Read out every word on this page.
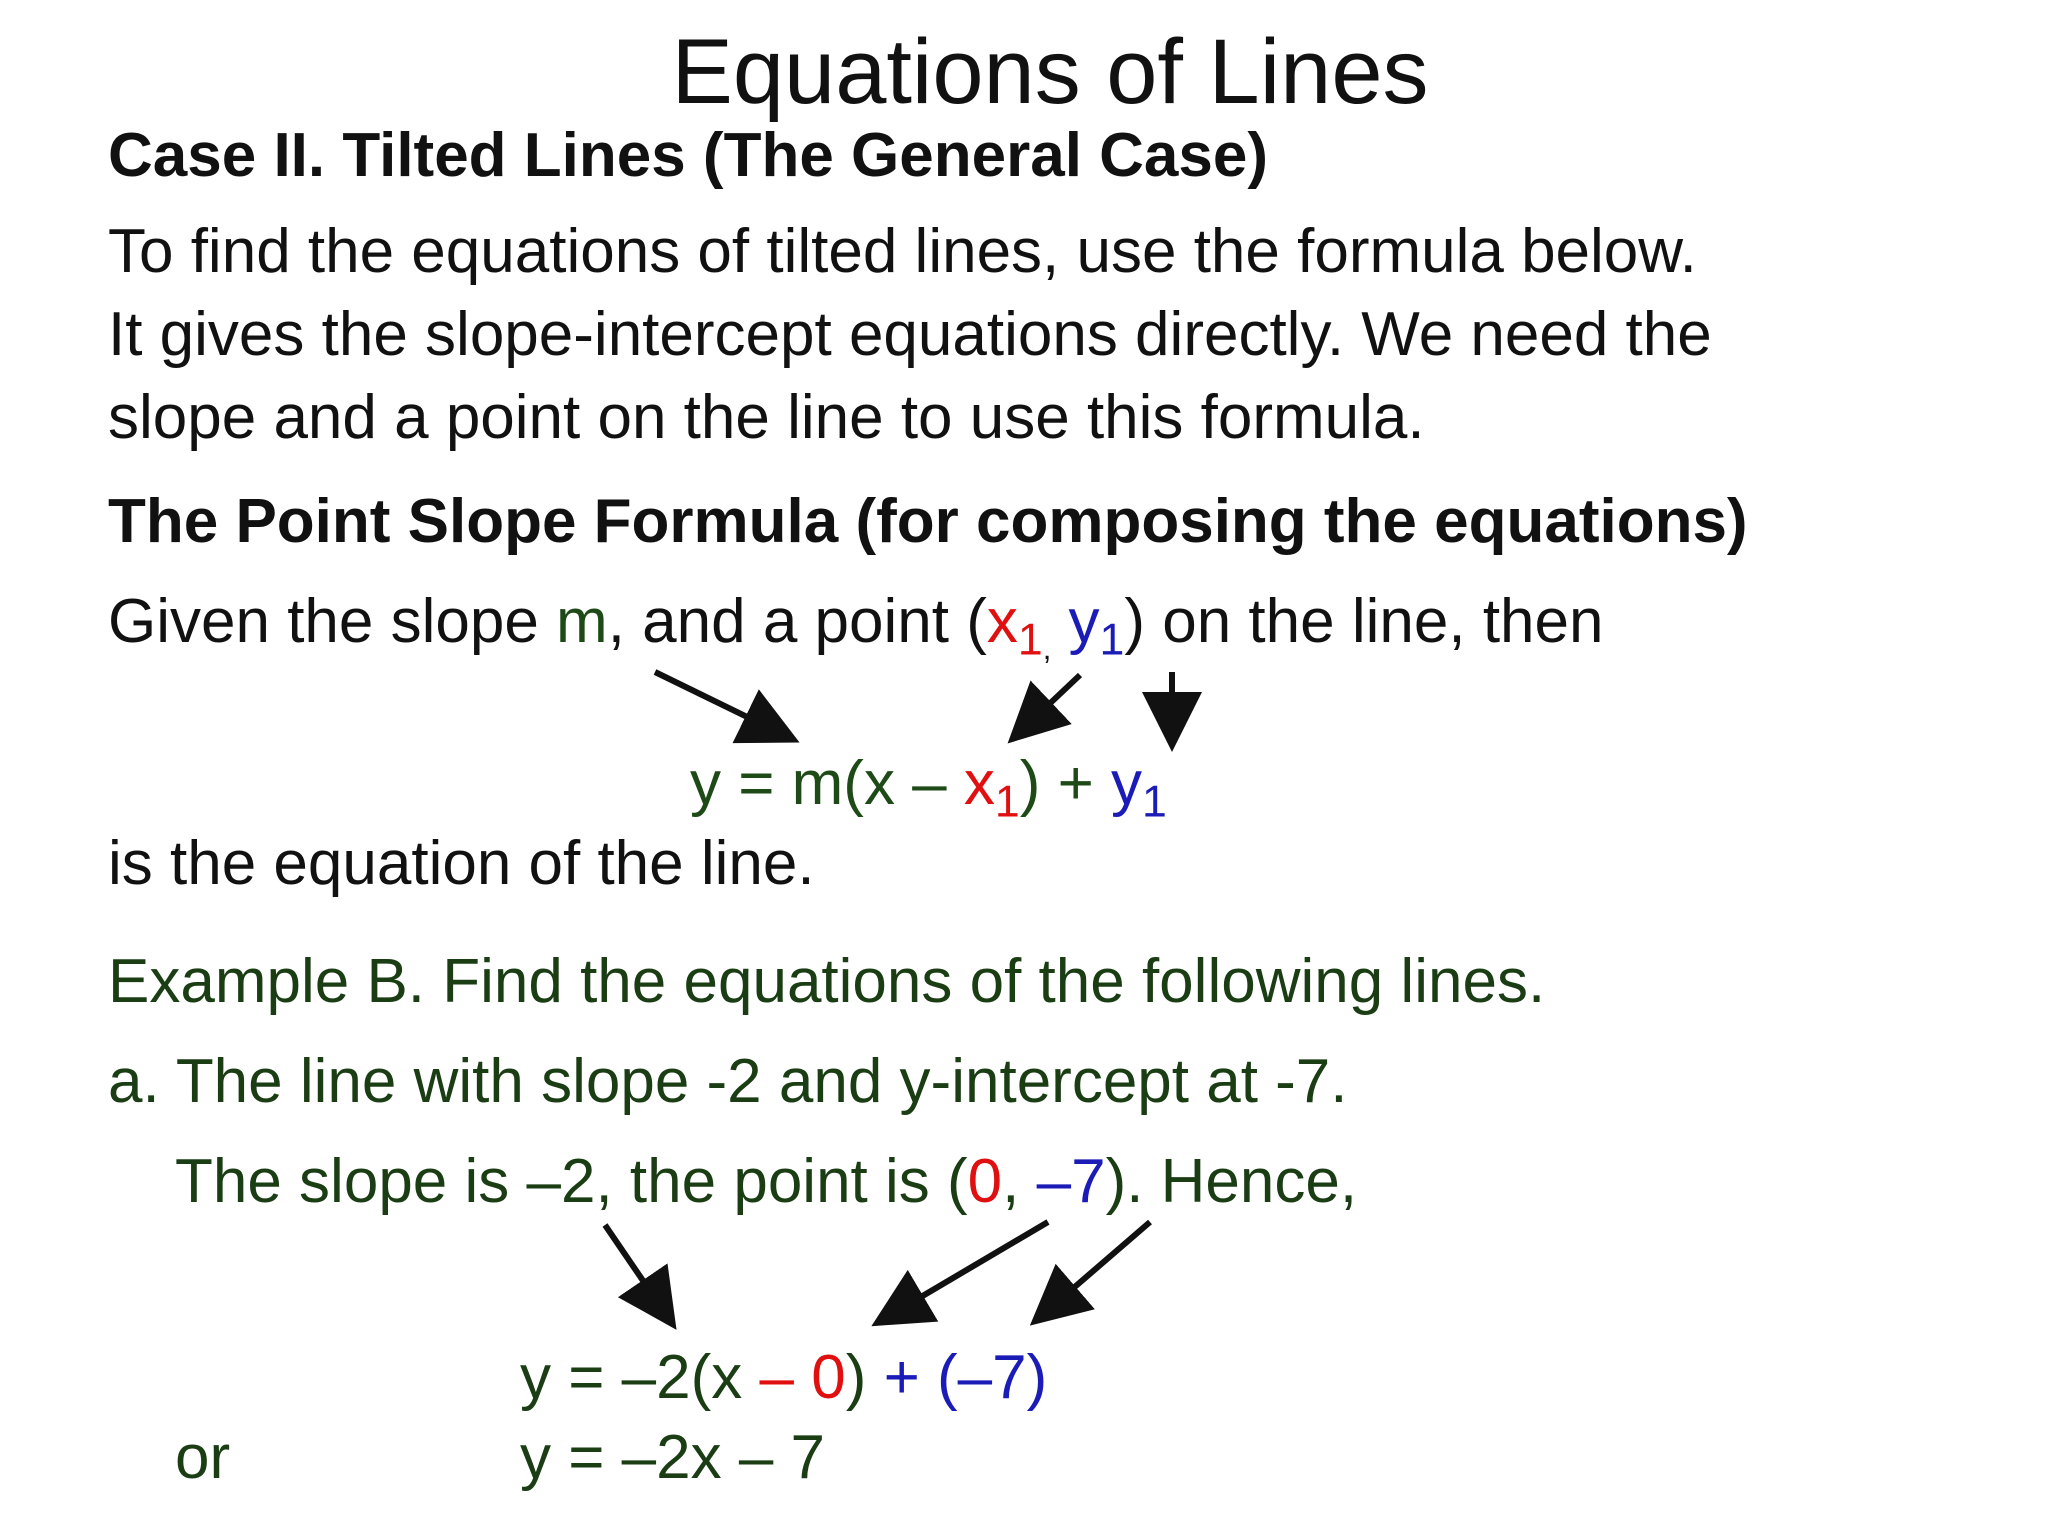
Equations of Lines
Case II. Tilted Lines (The General Case)
To find the equations of tilted lines, use the formula below.
It gives the slope-intercept equations directly. We need the
slope and a point on the line to use this formula.
The Point Slope Formula (for composing the equations)
Given the slope m, and a point ($x_{1,}$ $y_1$) on the line, then
$y = m(x - x_1) + y_1$
is the equation of the line.
Example B. Find the equations of the following lines.
a. The line with slope -2 and y-intercept at -7.
The slope is –2, the point is (0, –7). Hence,
y = –2(x – 0) + (–7)
or	y = –2x – 7
